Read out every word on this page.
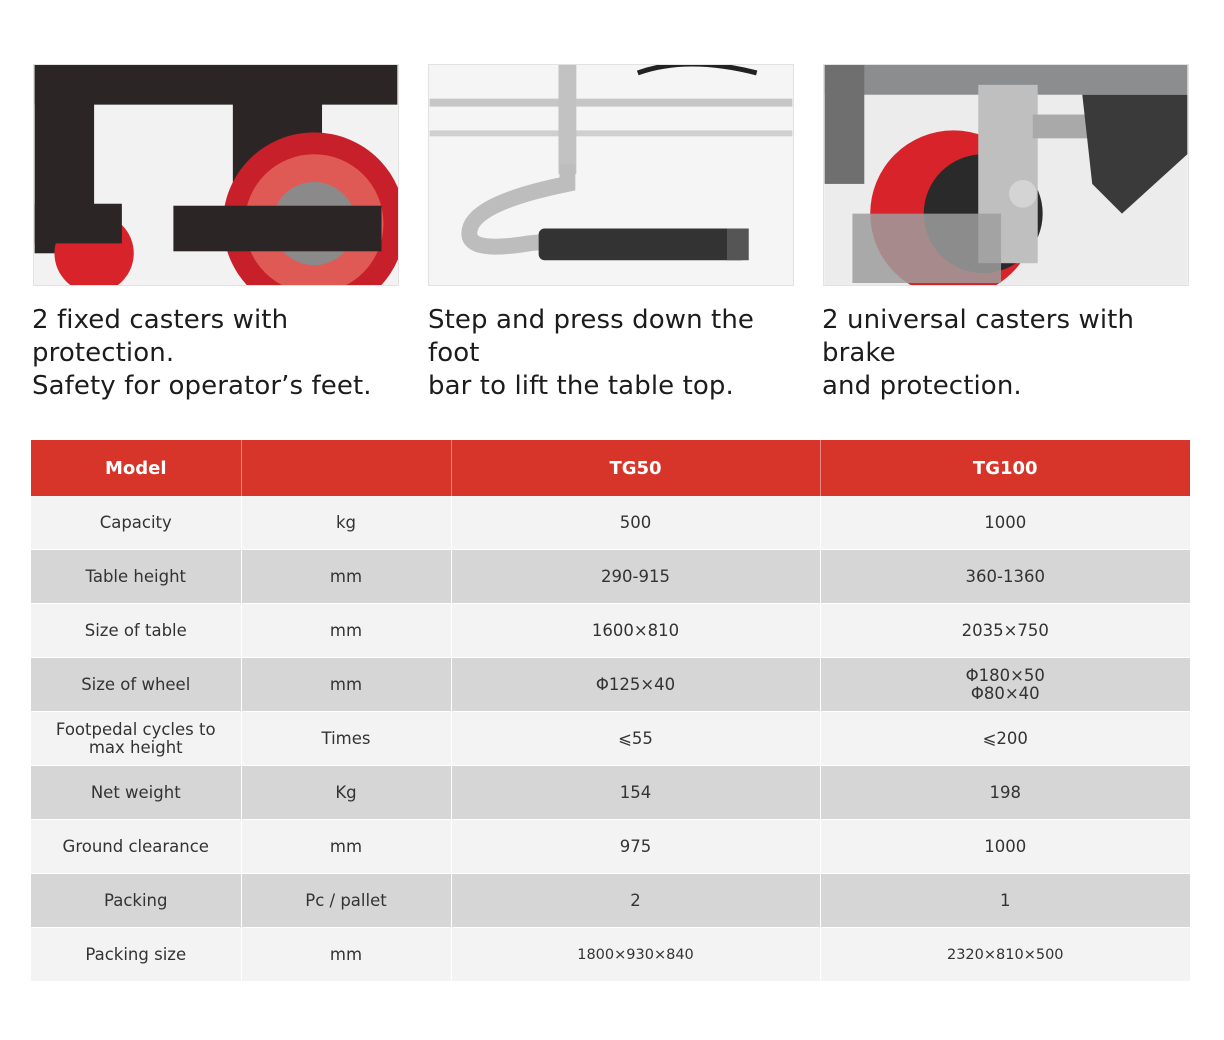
2 fixed casters with protection.
Safety for operator’s feet.
Step and press down the foot
bar to lift the table top.
2 universal casters with brake
and protection.
Model		TG50	TG100
Capacity	kg	500	1000
Table height	mm	290-915	360-1360
Size of table	mm	1600×810	2035×750
Size of wheel	mm	Φ125×40	Φ180×50
Φ80×40
Footpedal cycles to
max height	Times	⩽55	⩽200
Net weight	Kg	154	198
Ground clearance	mm	975	1000
Packing	Pc / pallet	2	1
Packing size	mm	1800×930×840	2320×810×500
